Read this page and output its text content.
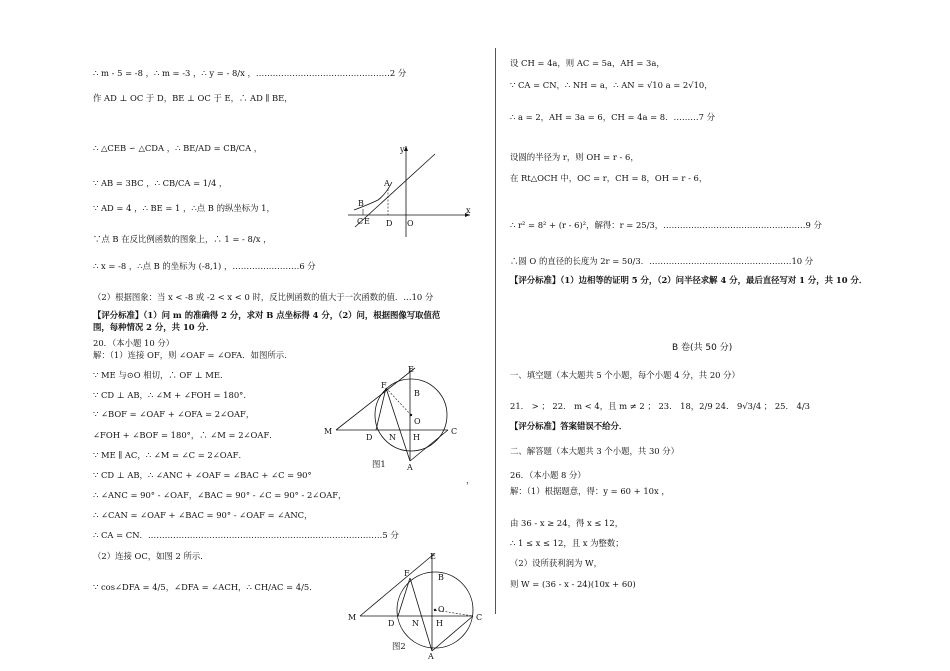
∴ m - 5 = -8 ，∴ m = -3 ，∴ y = - 8/x ，…………………………………………2 分
作 AD ⊥ OC 于 D，BE ⊥ OC 于 E，∴ AD ∥ BE，
∴ △CEB ∽ △CDA ，∴ BE/AD = CB/CA ，
∵ AB = 3BC ，∴ CB/CA = 1/4 ，
∵ AD = 4 ，∴ BE = 1 ，∴点 B 的纵坐标为 1，
∵点 B 在反比例函数的图象上，∴ 1 = - 8/x ，
∴ x = -8 ，∴点 B 的坐标为 (-8,1) ，……………………6 分
（2）根据图象：当 x < -8 或 -2 < x < 0 时，反比例函数的值大于一次函数的值．…10 分
【评分标准】（1）问 m 的准确得 2 分，求对 B 点坐标得 4 分，（2）问，根据图像写取值范
围，每种情况 2 分，共 10 分．
20．（本小题 10 分）
解：（1）连接 OF，则 ∠OAF = ∠OFA．如图所示．
∵ ME 与⊙O 相切，∴ OF ⊥ ME．
∵ CD ⊥ AB，∴ ∠M + ∠FOH = 180°．
∵ ∠BOF = ∠OAF + ∠OFA = 2∠OAF，
∠FOH + ∠BOF = 180°，∴ ∠M = 2∠OAF．
∵ ME ∥ AC，∴ ∠M = ∠C = 2∠OAF．
∵ CD ⊥ AB，∴ ∠ANC + ∠OAF = ∠BAC + ∠C = 90°	，
∴ ∠ANC = 90° - ∠OAF，∠BAC = 90° - ∠C = 90° - 2∠OAF，
∴ ∠CAN = ∠OAF + ∠BAC = 90° - ∠OAF = ∠ANC，
∴ CA = CN．…………………………………………………………………………5 分
（2）连接 OC，如图 2 所示．
∵ cos∠DFA = 4/5，∠DFA = ∠ACH，∴ CH/AC = 4/5．
y
x
A
B
C E D O
F
E
B
O
M
D N H
C
A
图1
F
E
B
O
M
D N H
C
A
图2
设 CH = 4a，则 AC = 5a，AH = 3a，
∵ CA = CN，∴ NH = a，∴ AN = √10 a = 2√10，
∴ a = 2，AH = 3a = 6，CH = 4a = 8．………7 分
设圆的半径为 r，则 OH = r - 6，
在 Rt△OCH 中，OC = r，CH = 8，OH = r - 6，
∴ r² = 8² + (r - 6)²，解得：r = 25/3，……………………………………………9 分
∴圆 O 的直径的长度为 2r = 50/3．……………………………………………10 分
【评分标准】（1）边相等的证明 5 分，（2）问半径求解 4 分，最后直径写对 1 分，共 10 分．
B 卷(共 50 分)
一、填空题（本大题共 5 个小题，每个小题 4 分，共 20 分）
21． > ； 22． m < 4，且 m ≠ 2 ； 23． 18，2/9 24． 9√3/4 ； 25． 4/3
【评分标准】答案错误不给分．
二、解答题（本大题共 3 个小题，共 30 分）
26．（本小题 8 分）
解：（1）根据题意，得：y = 60 + 10x ，
由 36 - x ≥ 24，得 x ≤ 12，
∴ 1 ≤ x ≤ 12，且 x 为整数；
（2）设所获利润为 W，
则 W = (36 - x - 24)(10x + 60)
